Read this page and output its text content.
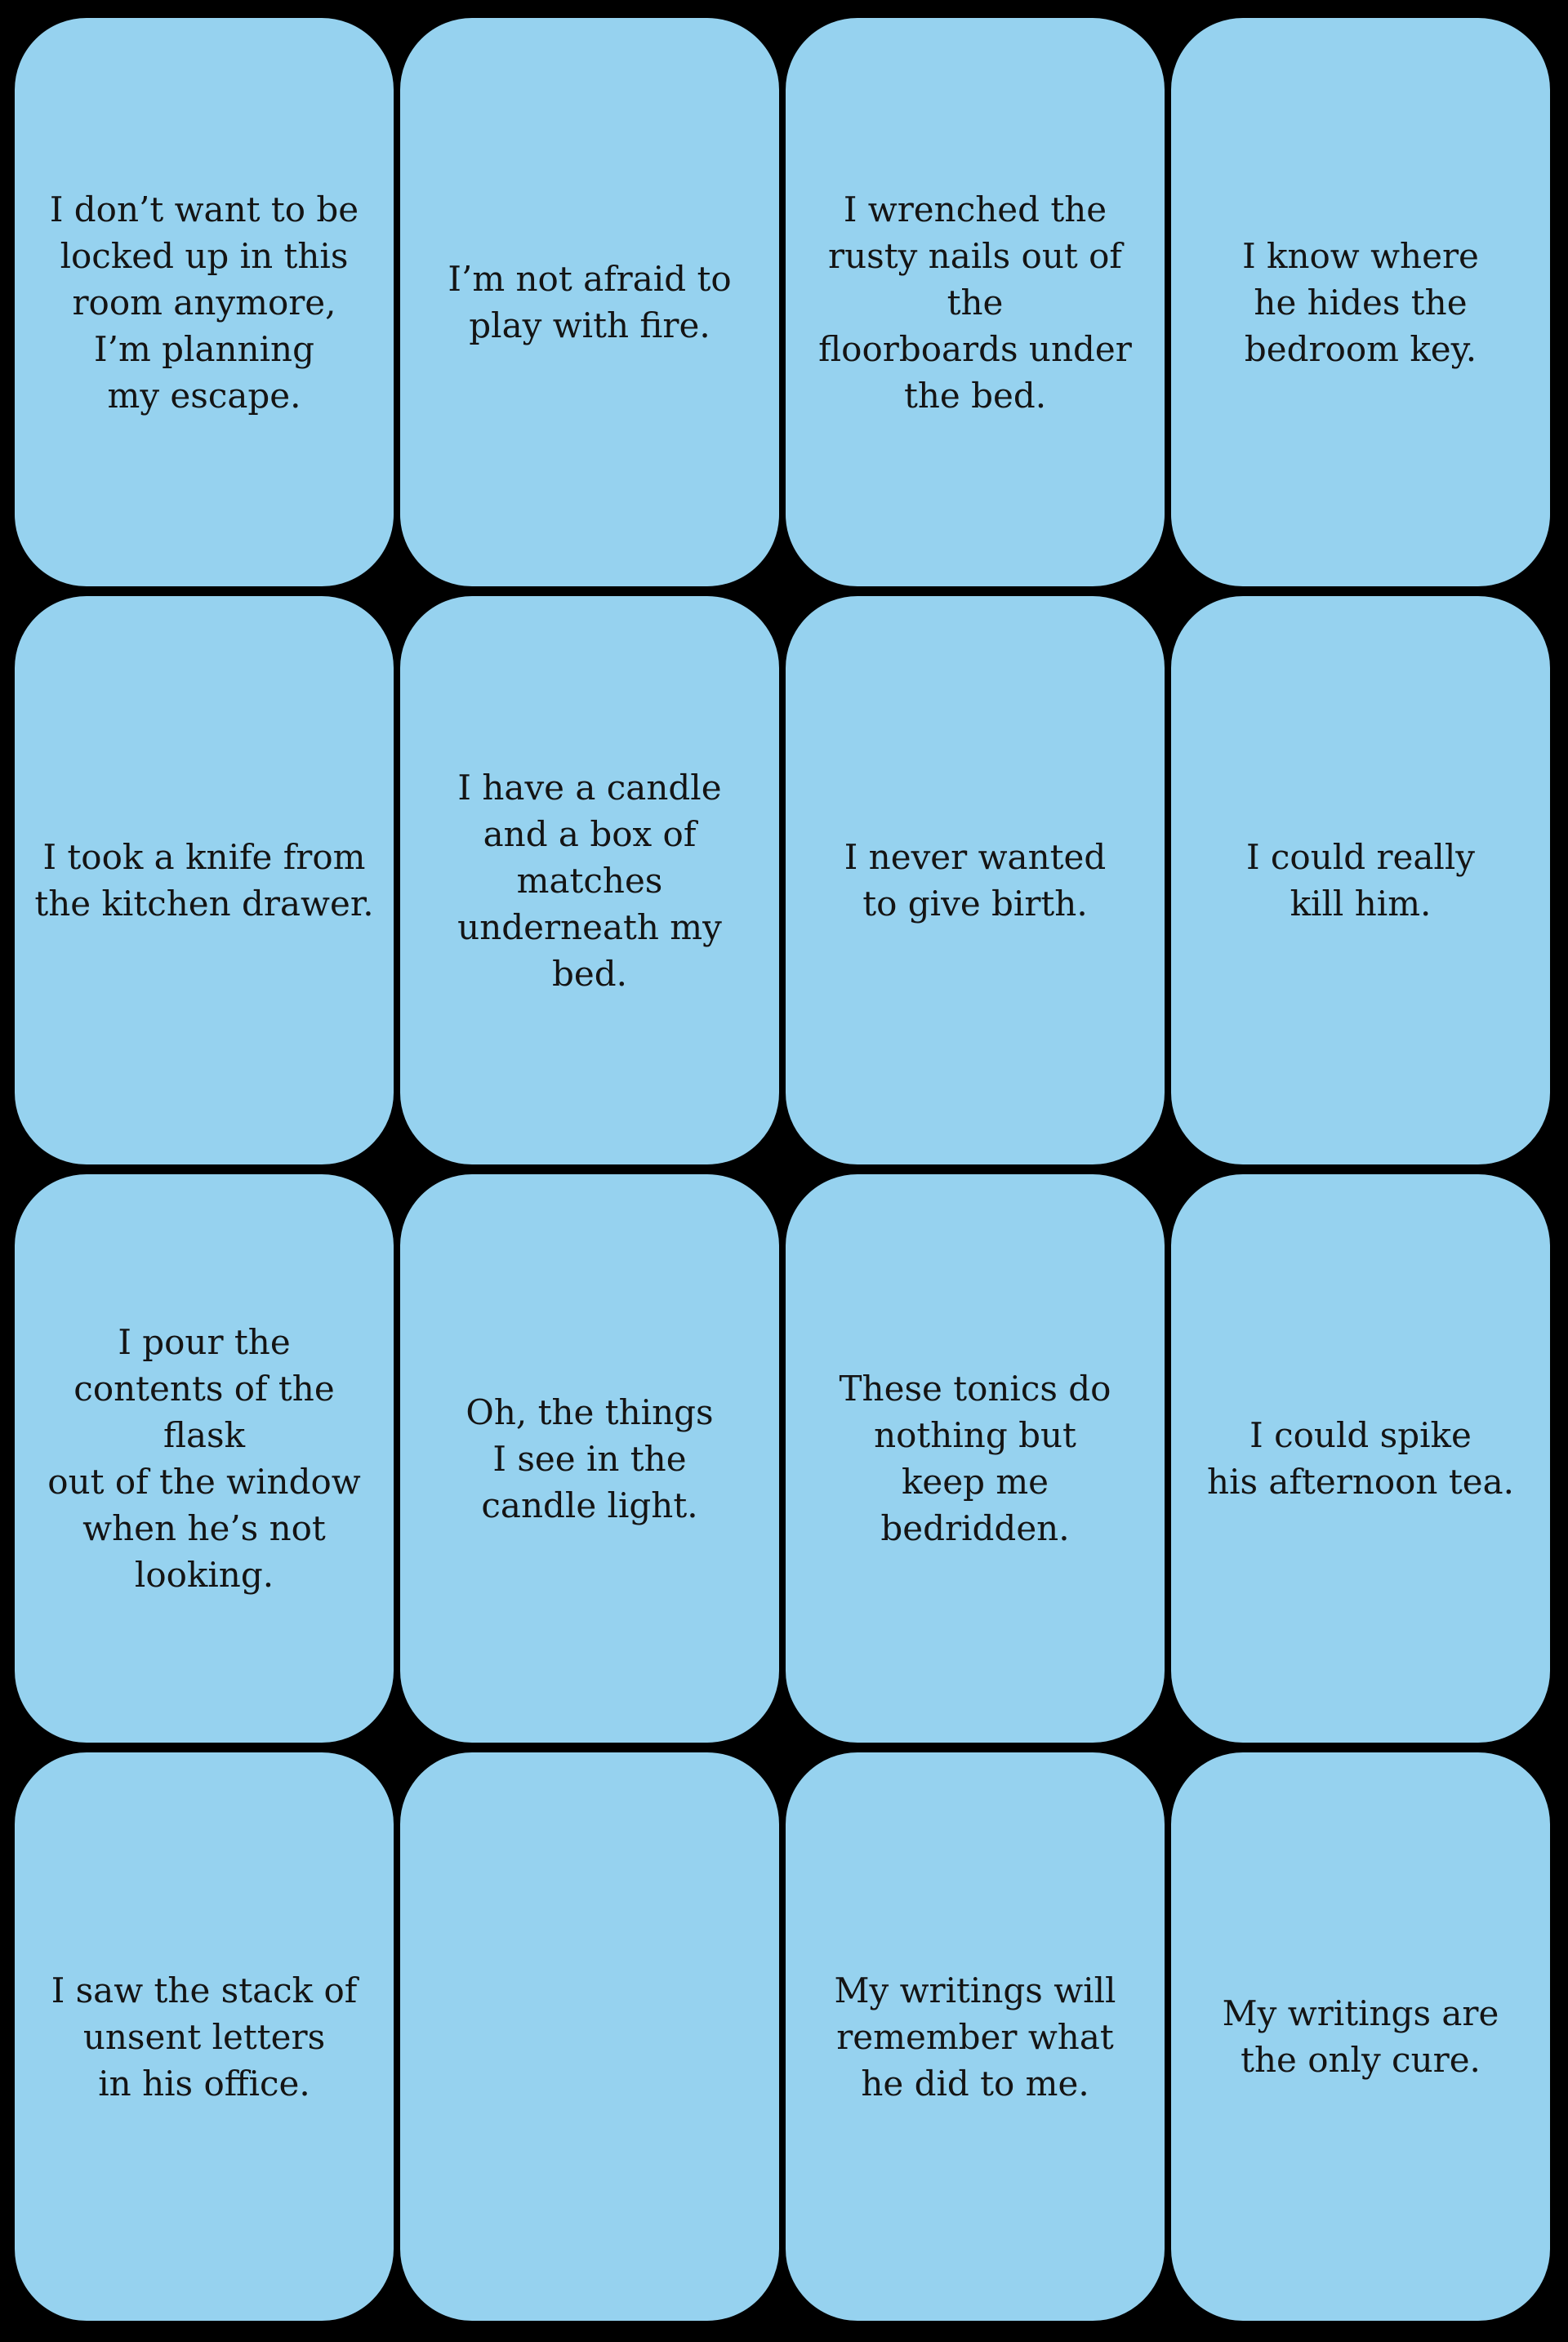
I don’t want to be
locked up in this
room anymore,
I’m planning
my escape.
I’m not afraid to
play with fire.
I wrenched the
rusty nails out of the
floorboards under
the bed.
I know where
he hides the
bedroom key.
I took a knife from
the kitchen drawer.
I have a candle
and a box of matches
underneath my bed.
I never wanted
to give birth.
I could really
kill him.
I pour the
contents of the flask
out of the window
when he’s not
looking.
Oh, the things
I see in the
candle light.
These tonics do
nothing but
keep me bedridden.
I could spike
his afternoon tea.
I saw the stack of
unsent letters
in his office.
My writings will
remember what
he did to me.
My writings are
the only cure.
